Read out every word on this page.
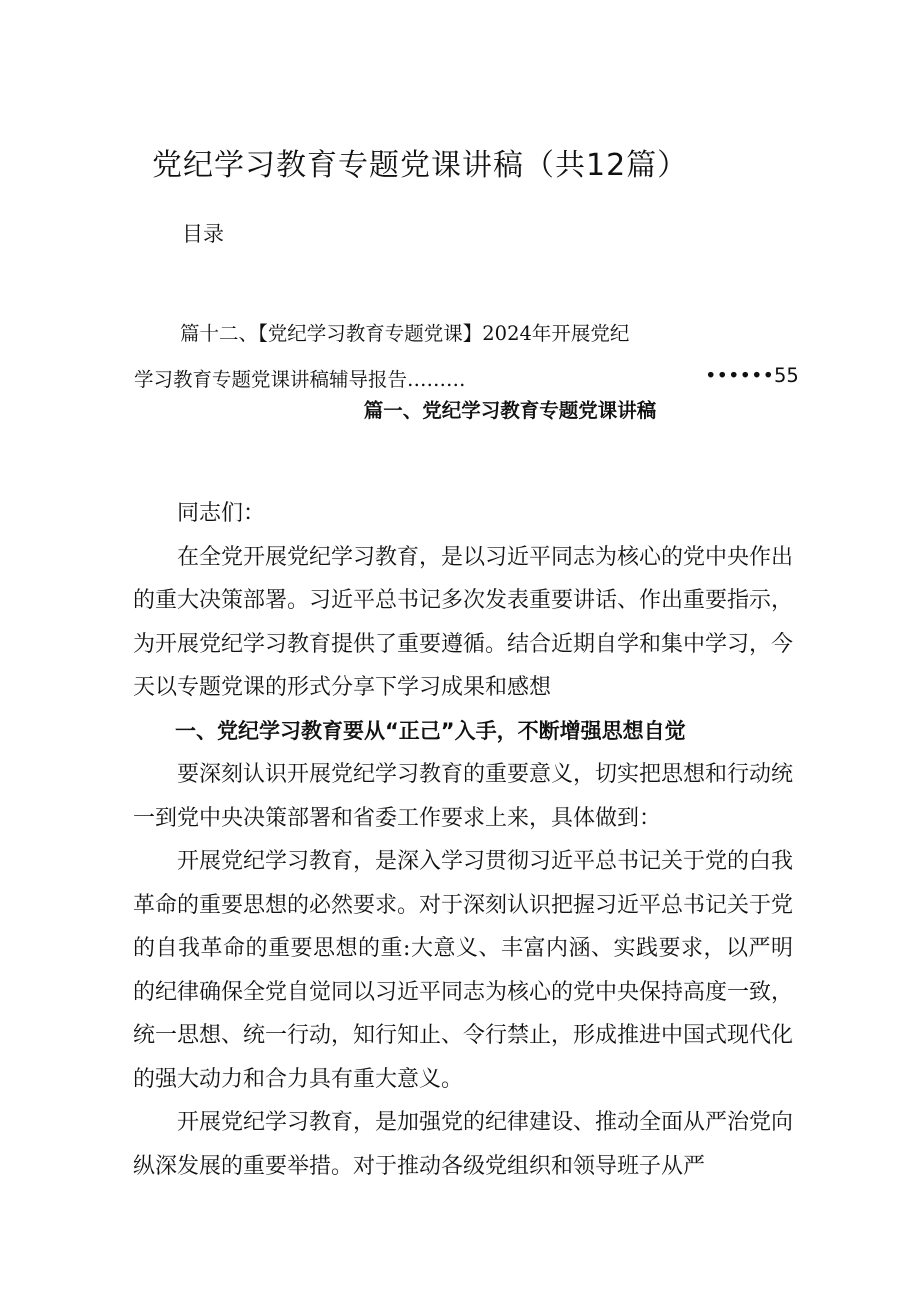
党纪学习教育专题党课讲稿（共12篇）
目录
篇十二、【党纪学习教育专题党课】2024年开展党纪
学习教育专题党课讲稿辅导报告………	••••••55
篇一、党纪学习教育专题党课讲稿

同志们：

在全党开展党纪学习教育，是以习近平同志为核心的党中央作出的重大决策部署。习近平总书记多次发表重要讲话、作出重要指示，为开展党纪学习教育提供了重要遵循。结合近期自学和集中学习，今天以专题党课的形式分享下学习成果和感想

一、党纪学习教育要从“正己”入手，不断增强思想自觉

要深刻认识开展党纪学习教育的重要意义，切实把思想和行动统一到党中央决策部署和省委工作要求上来，具体做到：

开展党纪学习教育，是深入学习贯彻习近平总书记关于党的白我革命的重要思想的必然要求。对于深刻认识把握习近平总书记关于党的自我革命的重要思想的重:大意义、丰富内涵、实践要求，以严明的纪律确保全党自觉同以习近平同志为核心的党中央保持高度一致，统一思想、统一行动，知行知止、令行禁止，形成推进中国式现代化的强大动力和合力具有重大意义。

开展党纪学习教育，是加强党的纪律建设、推动全面从严治党向纵深发展的重要举措。对于推动各级党组织和领导班子从严
